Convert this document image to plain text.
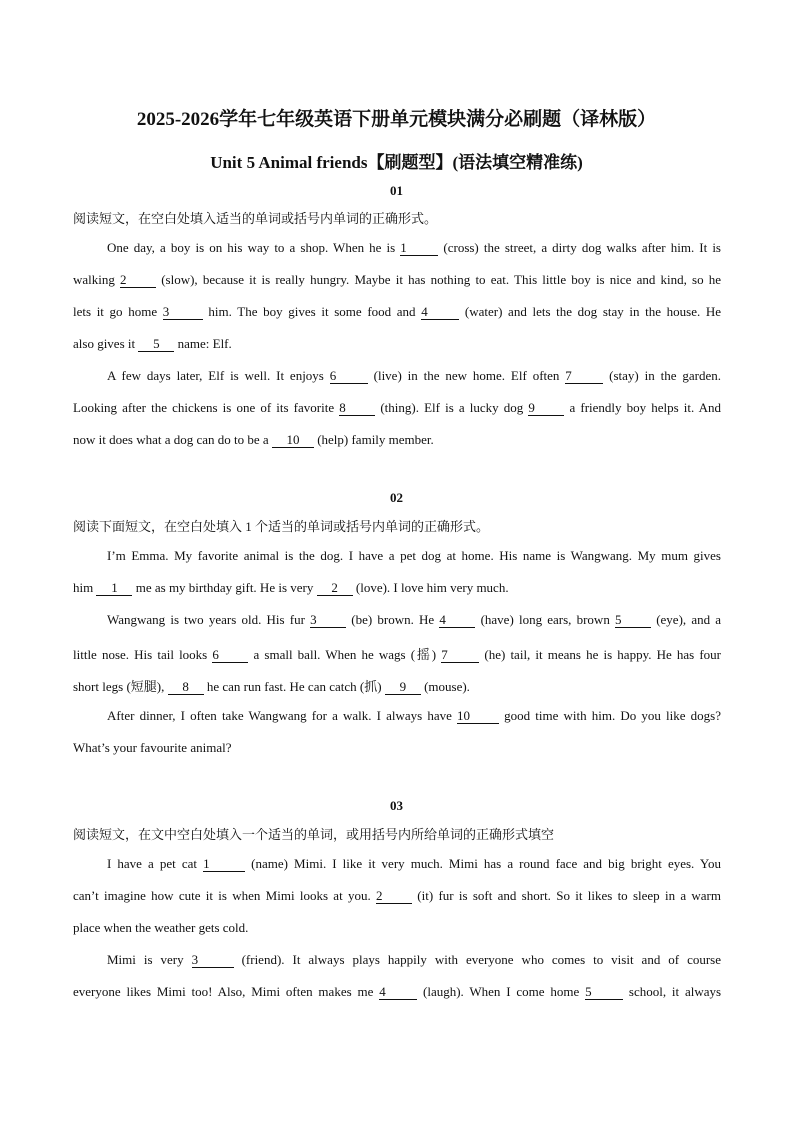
2025-2026学年七年级英语下册单元模块满分必刷题（译林版）
Unit 5 Animal friends【刷题型】(语法填空精准练)
01
阅读短文，在空白处填入适当的单词或括号内单词的正确形式。
One day, a boy is on his way to a shop. When he is 1	(cross) the street, a dirty dog walks after him. It is
walking 2	(slow), because it is really hungry. Maybe it has nothing to eat. This little boy is nice and kind, so he
lets it go home 3	him. The boy gives it some food and 4	(water) and lets the dog stay in the house. He
also gives it 5 name: Elf.
A few days later, Elf is well. It enjoys 6	(live) in the new home. Elf often 7	(stay) in the garden.
Looking after the chickens is one of its favorite 8	(thing). Elf is a lucky dog 9	a friendly boy helps it. And
now it does what a dog can do to be a 10 (help) family member.
02
阅读下面短文，在空白处填入 1 个适当的单词或括号内单词的正确形式。
I’m Emma. My favorite animal is the dog. I have a pet dog at home. His name is Wangwang. My mum gives
him 1 me as my birthday gift. He is very 2 (love). I love him very much.
Wangwang is two years old. His fur 3	(be) brown. He 4	(have) long ears, brown 5	(eye), and a
little nose. His tail looks 6	a small ball. When he wags (摇) 7	(he) tail, it means he is happy. He has four
short legs (短腿), 8 he can run fast. He can catch (抓) 9 (mouse).
After dinner, I often take Wangwang for a walk. I always have 10	good time with him. Do you like dogs?
What’s your favourite animal?
03
阅读短文，在文中空白处填入一个适当的单词，或用括号内所给单词的正确形式填空
I have a pet cat 1	(name) Mimi. I like it very much. Mimi has a round face and big bright eyes. You
can’t imagine how cute it is when Mimi looks at you. 2	(it) fur is soft and short. So it likes to sleep in a warm
place when the weather gets cold.
Mimi is very 3	(friend). It always plays happily with everyone who comes to visit and of course
everyone likes Mimi too! Also, Mimi often makes me 4	(laugh). When I come home 5	school, it always
